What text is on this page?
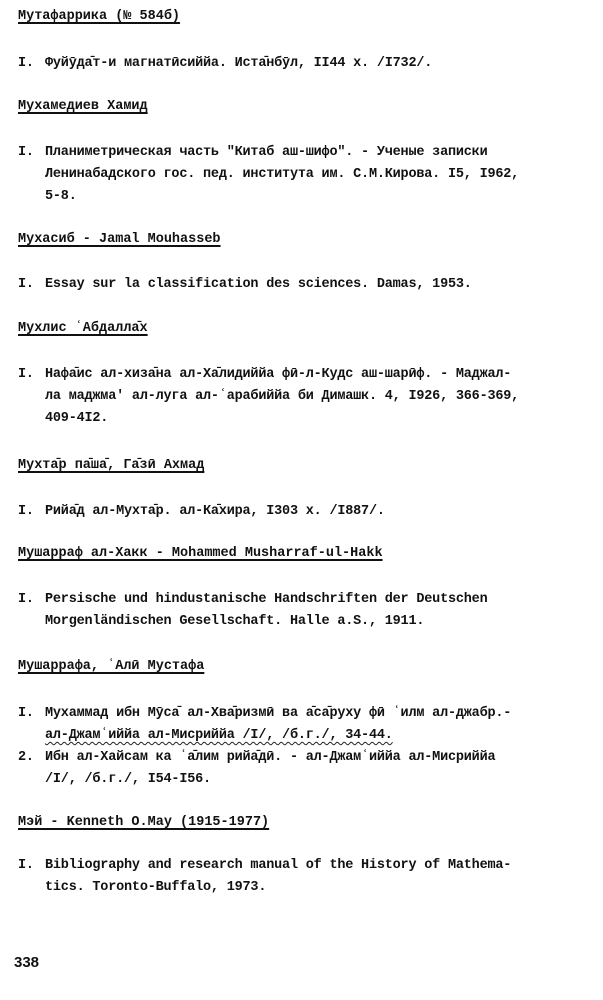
Мутафаррика (№ 584б)
I. Фуйӯда̄т-и магнатӣсиййа. Иста̄нбӯл, II44 х. /I732/.
Мухамедиев Хамид
I. Планиметрическая часть "Китаб аш-шифо". - Ученые записки
Ленинабадского гос. пед. института им. С.М.Кирова. I5, I962,
5-8.
Мухасиб - Jamal Mouhasseb
I. Essay sur la classification des sciences. Damas, 1953.
Мухлис ʿАбдалла̄х
I. Нафа̄ис ал-хиза̄на ал-Ха̄лидиййа фӣ-л-Кудс аш-шарӣф. - Маджал-
ла маджма' ал-луга ал-ʿарабиййа би Димашк. 4, I926, 366-369,
409-4I2.
Мухта̄р па̄ша̄, Га̄зӣ Ахмад
I. Рийа̄д ал-Мухта̄р. ал-Ка̄хира, I303 х. /I887/.
Мушарраф ал-Хакк - Mohammed Musharraf-ul-Hakk
I. Persische und hindustanische Handschriften der Deutschen
Morgenländischen Gesellschaft. Halle a.S., 1911.
Мушаррафа, ʿАлӣ Мустафа
I. Мухаммад ибн Мӯса̄ ал-Хва̄ризмӣ ва а̄са̄руху фӣ ʿилм ал-джабр.-
ал-Джамʿиййа ал-Мисриййа /I/, /б.г./, 34-44.
2. Ибн ал-Хайсам ка ʿа̄лим рийа̄дӣ. - ал-Джамʿиййа ал-Мисриййа
/I/, /б.г./, I54-I56.
Мэй - Kenneth O.May (1915-1977)
I. Bibliography and research manual of the History of Mathema-
tics. Toronto-Buffalo, 1973.
338
